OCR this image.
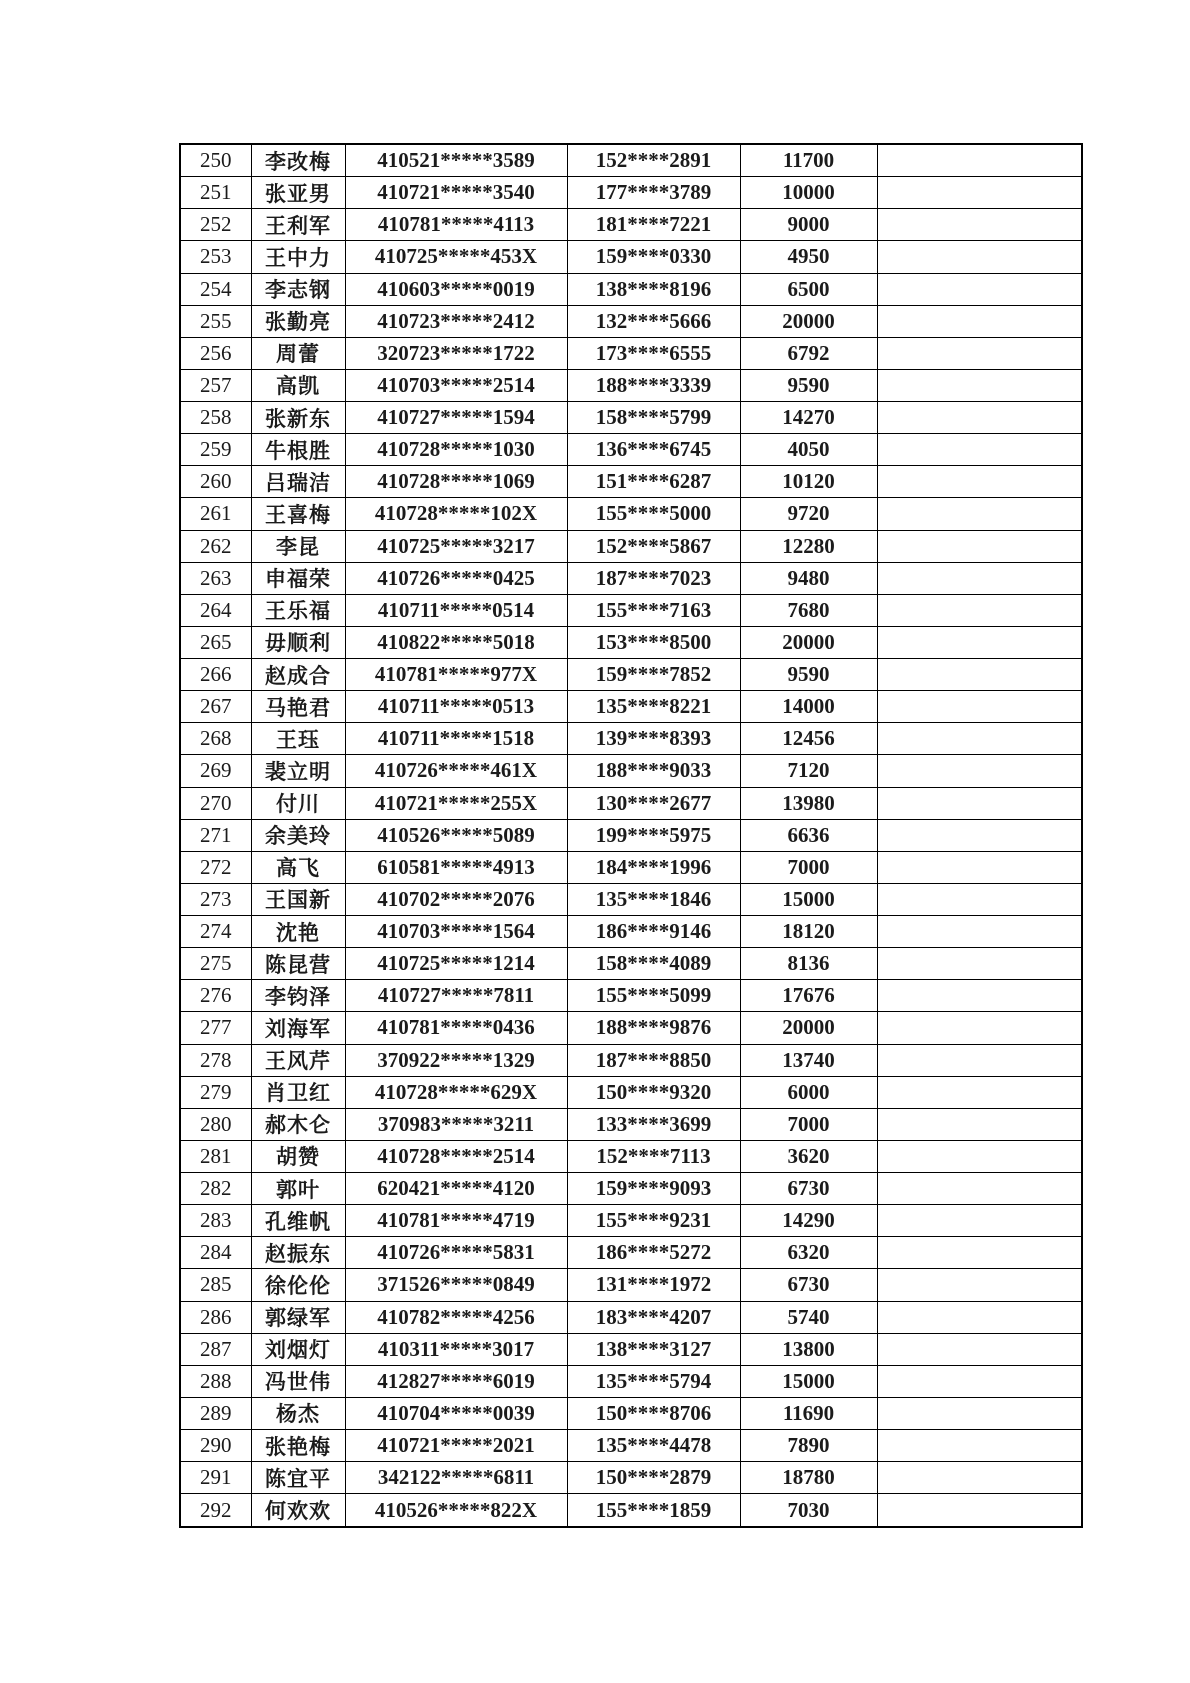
250	李改梅	410521*****3589	152****2891	11700	
251	张亚男	410721*****3540	177****3789	10000	
252	王利军	410781*****4113	181****7221	9000	
253	王中力	410725*****453X	159****0330	4950	
254	李志钢	410603*****0019	138****8196	6500	
255	张勤亮	410723*****2412	132****5666	20000	
256	周蕾	320723*****1722	173****6555	6792	
257	高凯	410703*****2514	188****3339	9590	
258	张新东	410727*****1594	158****5799	14270	
259	牛根胜	410728*****1030	136****6745	4050	
260	吕瑞洁	410728*****1069	151****6287	10120	
261	王喜梅	410728*****102X	155****5000	9720	
262	李昆	410725*****3217	152****5867	12280	
263	申福荣	410726*****0425	187****7023	9480	
264	王乐福	410711*****0514	155****7163	7680	
265	毋顺利	410822*****5018	153****8500	20000	
266	赵成合	410781*****977X	159****7852	9590	
267	马艳君	410711*****0513	135****8221	14000	
268	王珏	410711*****1518	139****8393	12456	
269	裴立明	410726*****461X	188****9033	7120	
270	付川	410721*****255X	130****2677	13980	
271	余美玲	410526*****5089	199****5975	6636	
272	高飞	610581*****4913	184****1996	7000	
273	王国新	410702*****2076	135****1846	15000	
274	沈艳	410703*****1564	186****9146	18120	
275	陈昆营	410725*****1214	158****4089	8136	
276	李钧泽	410727*****7811	155****5099	17676	
277	刘海军	410781*****0436	188****9876	20000	
278	王风芹	370922*****1329	187****8850	13740	
279	肖卫红	410728*****629X	150****9320	6000	
280	郝木仑	370983*****3211	133****3699	7000	
281	胡赞	410728*****2514	152****7113	3620	
282	郭叶	620421*****4120	159****9093	6730	
283	孔维帆	410781*****4719	155****9231	14290	
284	赵振东	410726*****5831	186****5272	6320	
285	徐伦伦	371526*****0849	131****1972	6730	
286	郭绿军	410782*****4256	183****4207	5740	
287	刘烟灯	410311*****3017	138****3127	13800	
288	冯世伟	412827*****6019	135****5794	15000	
289	杨杰	410704*****0039	150****8706	11690	
290	张艳梅	410721*****2021	135****4478	7890	
291	陈宜平	342122*****6811	150****2879	18780	
292	何欢欢	410526*****822X	155****1859	7030	
